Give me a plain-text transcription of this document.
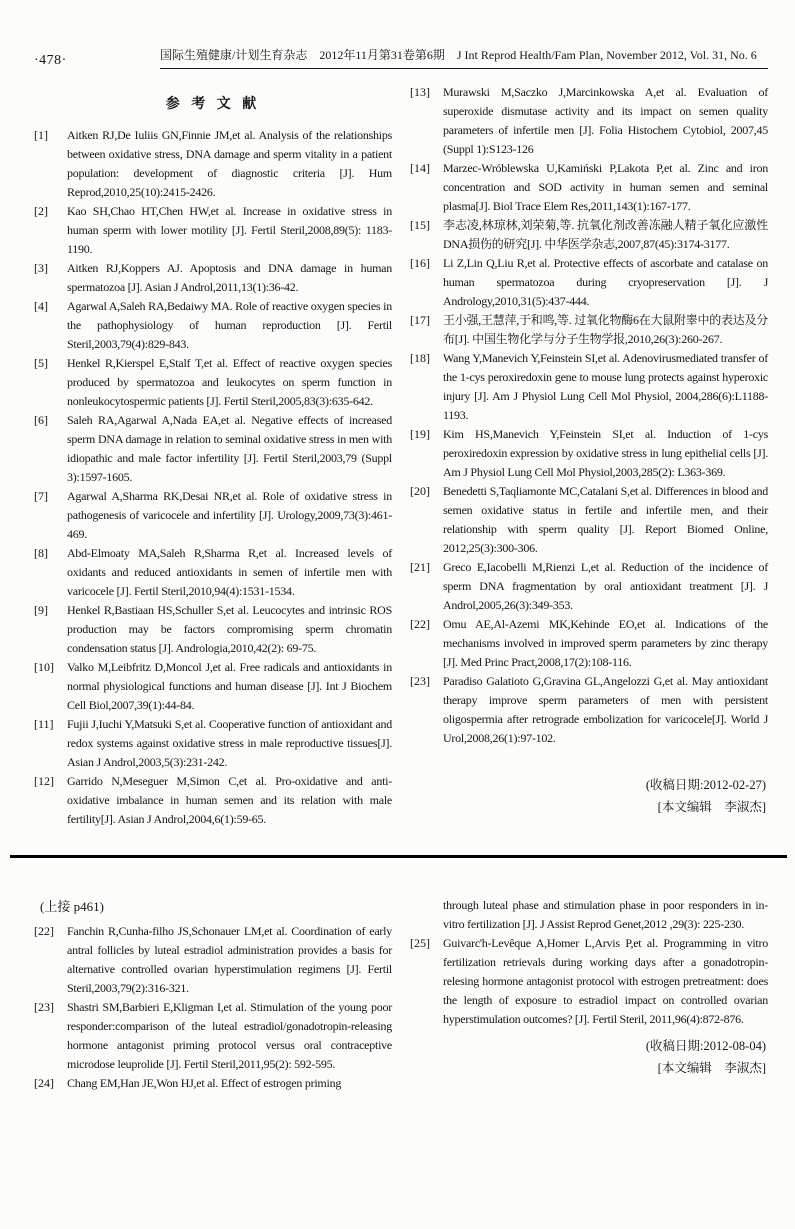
·478·	国际生殖健康/计划生育杂志　2012年11月第31卷第6期　J Int Reprod Health/Fam Plan, November 2012, Vol. 31, No. 6
参 考 文 献
[1]	Aitken RJ,De Iuliis GN,Finnie JM,et al. Analysis of the relationships between oxidative stress, DNA damage and sperm vitality in a patient population: development of diagnostic criteria [J]. Hum Reprod,2010,25(10):2415-2426.
[2]	Kao SH,Chao HT,Chen HW,et al. Increase in oxidative stress in human sperm with lower motility [J]. Fertil Steril,2008,89(5): 1183-1190.
[3]	Aitken RJ,Koppers AJ. Apoptosis and DNA damage in human spermatozoa [J]. Asian J Androl,2011,13(1):36-42.
[4]	Agarwal A,Saleh RA,Bedaiwy MA. Role of reactive oxygen species in the pathophysiology of human reproduction [J]. Fertil Steril,2003,79(4):829-843.
[5]	Henkel R,Kierspel E,Stalf T,et al. Effect of reactive oxygen species produced by spermatozoa and leukocytes on sperm function in nonleukocytospermic patients [J]. Fertil Steril,2005,83(3):635-642.
[6]	Saleh RA,Agarwal A,Nada EA,et al. Negative effects of increased sperm DNA damage in relation to seminal oxidative stress in men with idiopathic and male factor infertility [J]. Fertil Steril,2003,79 (Suppl 3):1597-1605.
[7]	Agarwal A,Sharma RK,Desai NR,et al. Role of oxidative stress in pathogenesis of varicocele and infertility [J]. Urology,2009,73(3):461-469.
[8]	Abd-Elmoaty MA,Saleh R,Sharma R,et al. Increased levels of oxidants and reduced antioxidants in semen of infertile men with varicocele [J]. Fertil Steril,2010,94(4):1531-1534.
[9]	Henkel R,Bastiaan HS,Schuller S,et al. Leucocytes and intrinsic ROS production may be factors compromising sperm chromatin condensation status [J]. Andrologia,2010,42(2): 69-75.
[10]	Valko M,Leibfritz D,Moncol J,et al. Free radicals and antioxidants in normal physiological functions and human disease [J]. Int J Biochem Cell Biol,2007,39(1):44-84.
[11]	Fujii J,Iuchi Y,Matsuki S,et al. Cooperative function of antioxidant and redox systems against oxidative stress in male reproductive tissues[J]. Asian J Androl,2003,5(3):231-242.
[12]	Garrido N,Meseguer M,Simon C,et al. Pro-oxidative and anti-oxidative imbalance in human semen and its relation with male fertility[J]. Asian J Androl,2004,6(1):59-65.
[13]	Murawski M,Saczko J,Marcinkowska A,et al. Evaluation of superoxide dismutase activity and its impact on semen quality parameters of infertile men [J]. Folia Histochem Cytobiol, 2007,45 (Suppl 1):S123-126
[14]	Marzec-Wróblewska U,Kamiński P,Lakota P,et al. Zinc and iron concentration and SOD activity in human semen and seminal plasma[J]. Biol Trace Elem Res,2011,143(1):167-177.
[15]	李志凌,林琼林,刘荣菊,等. 抗氧化剂改善冻融人精子氧化应激性DNA损伤的研究[J]. 中华医学杂志,2007,87(45):3174-3177.
[16]	Li Z,Lin Q,Liu R,et al. Protective effects of ascorbate and catalase on human spermatozoa during cryopreservation [J]. J Andrology,2010,31(5):437-444.
[17]	王小强,王慧萍,于和鸣,等. 过氧化物酶6在大鼠附睾中的表达及分布[J]. 中国生物化学与分子生物学报,2010,26(3):260-267.
[18]	Wang Y,Manevich Y,Feinstein SI,et al. Adenovirusmediated transfer of the 1-cys peroxiredoxin gene to mouse lung protects against hyperoxic injury [J]. Am J Physiol Lung Cell Mol Physiol, 2004,286(6):L1188-1193.
[19]	Kim HS,Manevich Y,Feinstein SI,et al. Induction of 1-cys peroxiredoxin expression by oxidative stress in lung epithelial cells [J]. Am J Physiol Lung Cell Mol Physiol,2003,285(2): L363-369.
[20]	Benedetti S,Taqliamonte MC,Catalani S,et al. Differences in blood and semen oxidative status in fertile and infertile men, and their relationship with sperm quality [J]. Report Biomed Online, 2012,25(3):300-306.
[21]	Greco E,Iacobelli M,Rienzi L,et al. Reduction of the incidence of sperm DNA fragmentation by oral antioxidant treatment [J]. J Androl,2005,26(3):349-353.
[22]	Omu AE,Al-Azemi MK,Kehinde EO,et al. Indications of the mechanisms involved in improved sperm parameters by zinc therapy [J]. Med Princ Pract,2008,17(2):108-116.
[23]	Paradiso Galatioto G,Gravina GL,Angelozzi G,et al. May antioxidant therapy improve sperm parameters of men with persistent oligospermia after retrograde embolization for varicocele[J]. World J Urol,2008,26(1):97-102.
(收稿日期:2012-02-27)
[本文编辑　李淑杰]
(上接 p461)
[22]	Fanchin R,Cunha-filho JS,Schonauer LM,et al. Coordination of early antral follicles by luteal estradiol administration provides a basis for alternative controlled ovarian hyperstimulation regimens [J]. Fertil Steril,2003,79(2):316-321.
[23]	Shastri SM,Barbieri E,Kligman I,et al. Stimulation of the young poor responder:comparison of the luteal estradiol/gonadotropin-releasing hormone antagonist priming protocol versus oral contraceptive microdose leuprolide [J]. Fertil Steril,2011,95(2): 592-595.
[24]	Chang EM,Han JE,Won HJ,et al. Effect of estrogen priming
through luteal phase and stimulation phase in poor responders in in-vitro fertilization [J]. J Assist Reprod Genet,2012 ,29(3): 225-230.
[25]	Guivarc'h-Levêque A,Homer L,Arvis P,et al. Programming in vitro fertilization retrievals during working days after a gonadotropin-relesing hormone antagonist protocol with estrogen pretreatment: does the length of exposure to estradiol impact on controlled ovarian hyperstimulation outcomes? [J]. Fertil Steril, 2011,96(4):872-876.
(收稿日期:2012-08-04)
[本文编辑　李淑杰]
